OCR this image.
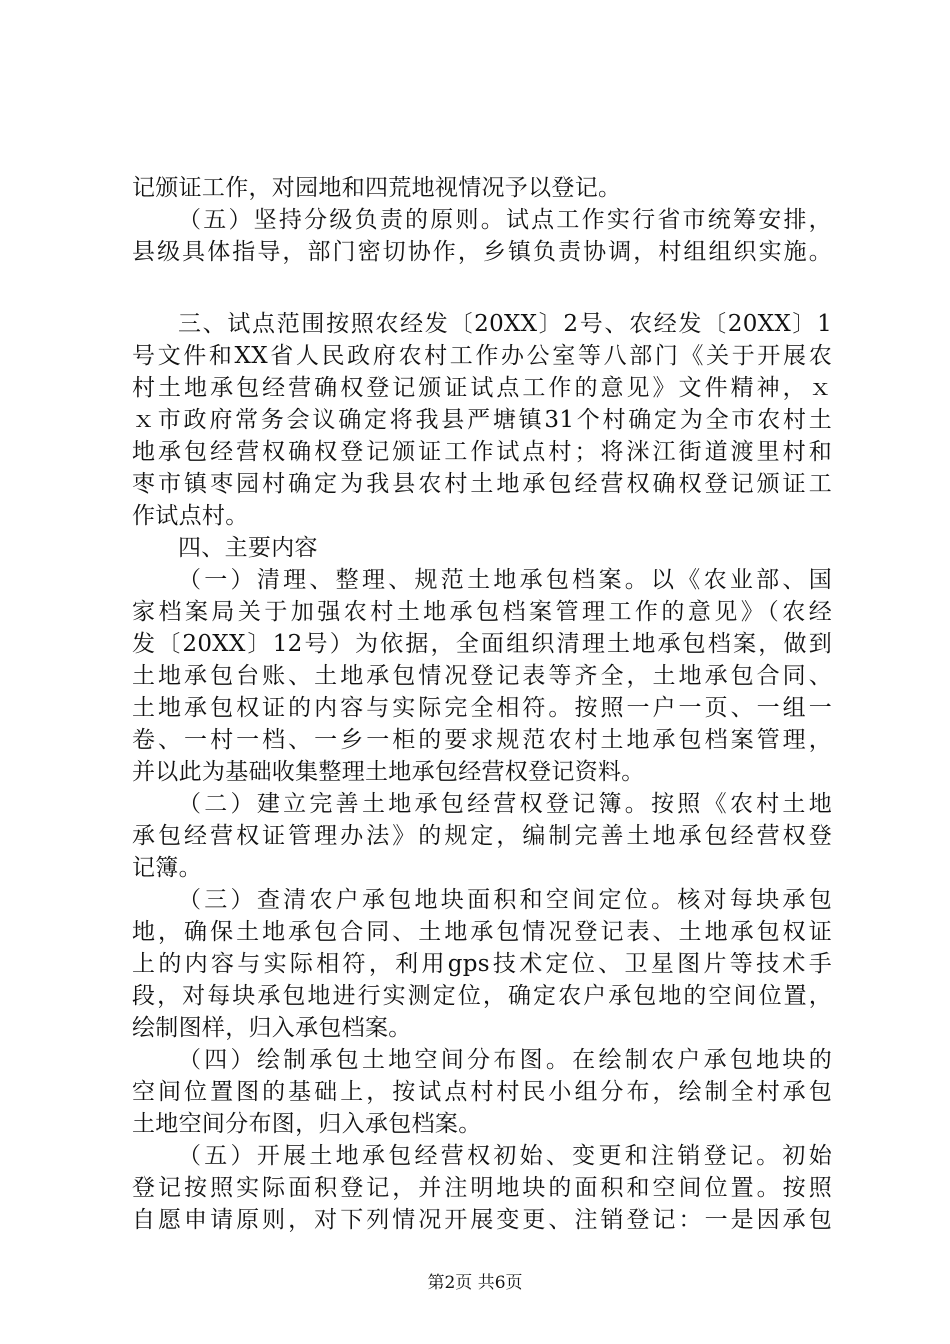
记颁证工作，对园地和四荒地视情况予以登记。
（五）坚持分级负责的原则。试点工作实行省市统筹安排，
县级具体指导，部门密切协作，乡镇负责协调，村组组织实施。
三、试点范围按照农经发〔20XX〕2号、农经发〔20XX〕1
号文件和XX省人民政府农村工作办公室等八部门《关于开展农
村土地承包经营确权登记颁证试点工作的意见》文件精神，ｘ
ｘ市政府常务会议确定将我县严塘镇31个村确定为全市农村土
地承包经营权确权登记颁证工作试点村；将洣江街道渡里村和
枣市镇枣园村确定为我县农村土地承包经营权确权登记颁证工
作试点村。
四、主要内容
（一）清理、整理、规范土地承包档案。以《农业部、国
家档案局关于加强农村土地承包档案管理工作的意见》（农经
发〔20XX〕12号）为依据，全面组织清理土地承包档案，做到
土地承包台账、土地承包情况登记表等齐全，土地承包合同、
土地承包权证的内容与实际完全相符。按照一户一页、一组一
卷、一村一档、一乡一柜的要求规范农村土地承包档案管理，
并以此为基础收集整理土地承包经营权登记资料。
（二）建立完善土地承包经营权登记簿。按照《农村土地
承包经营权证管理办法》的规定，编制完善土地承包经营权登
记簿。
（三）查清农户承包地块面积和空间定位。核对每块承包
地，确保土地承包合同、土地承包情况登记表、土地承包权证
上的内容与实际相符，利用gps技术定位、卫星图片等技术手
段，对每块承包地进行实测定位，确定农户承包地的空间位置，
绘制图样，归入承包档案。
（四）绘制承包土地空间分布图。在绘制农户承包地块的
空间位置图的基础上，按试点村村民小组分布，绘制全村承包
土地空间分布图，归入承包档案。
（五）开展土地承包经营权初始、变更和注销登记。初始
登记按照实际面积登记，并注明地块的面积和空间位置。按照
自愿申请原则，对下列情况开展变更、注销登记：一是因承包
第2页 共6页
